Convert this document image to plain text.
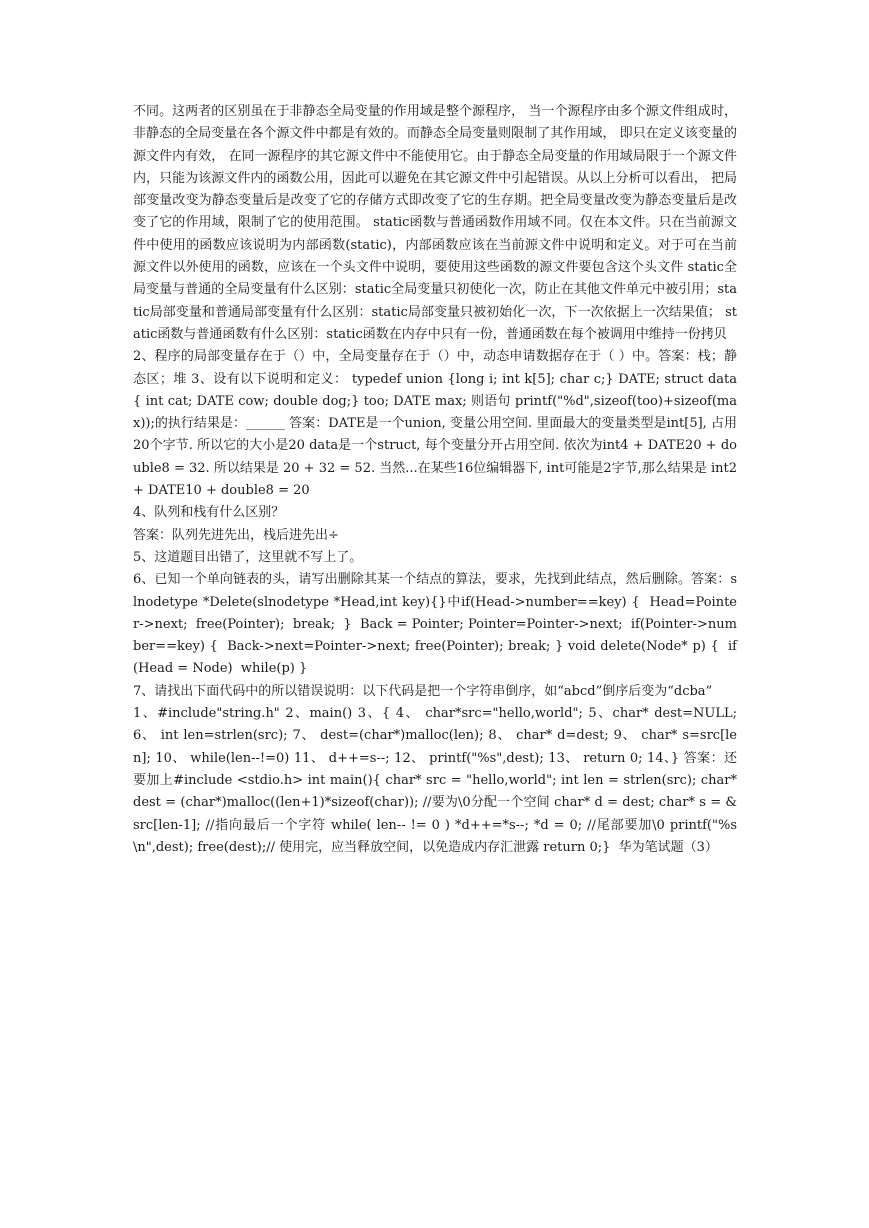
不同。这两者的区别虽在于非静态全局变量的作用域是整个源程序， 当一个源程序由多个源文件组成时，非静态的全局变量在各个源文件中都是有效的。而静态全局变量则限制了其作用域， 即只在定义该变量的源文件内有效， 在同一源程序的其它源文件中不能使用它。由于静态全局变量的作用域局限于一个源文件内，只能为该源文件内的函数公用，因此可以避免在其它源文件中引起错误。从以上分析可以看出， 把局部变量改变为静态变量后是改变了它的存储方式即改变了它的生存期。把全局变量改变为静态变量后是改变了它的作用域，限制了它的使用范围。 static函数与普通函数作用域不同。仅在本文件。只在当前源文件中使用的函数应该说明为内部函数(static)，内部函数应该在当前源文件中说明和定义。对于可在当前源文件以外使用的函数，应该在一个头文件中说明，要使用这些函数的源文件要包含这个头文件 static全局变量与普通的全局变量有什么区别：static全局变量只初使化一次，防止在其他文件单元中被引用；static局部变量和普通局部变量有什么区别：static局部变量只被初始化一次，下一次依据上一次结果值； static函数与普通函数有什么区别：static函数在内存中只有一份，普通函数在每个被调用中维持一份拷贝

2、程序的局部变量存在于（）中，全局变量存在于（）中，动态申请数据存在于（ ）中。答案：栈；静态区；堆 3、设有以下说明和定义： typedef union {long i; int k[5]; char c;} DATE; struct data { int cat; DATE cow; double dog;} too; DATE max; 则语句 printf("%d",sizeof(too)+sizeof(max));的执行结果是：______ 答案：DATE是一个union, 变量公用空间. 里面最大的变量类型是int[5], 占用20个字节. 所以它的大小是20 data是一个struct, 每个变量分开占用空间. 依次为int4 + DATE20 + double8 = 32. 所以结果是 20 + 32 = 52. 当然...在某些16位编辑器下, int可能是2字节,那么结果是 int2 + DATE10 + double8 = 20

4、队列和栈有什么区别？

答案：队列先进先出，栈后进先出÷

5、这道题目出错了，这里就不写上了。

6、已知一个单向链表的头，请写出删除其某一个结点的算法，要求，先找到此结点，然后删除。答案：slnodetype *Delete(slnodetype *Head,int key){}中if(Head->number==key) {  Head=Pointer->next;  free(Pointer);  break;  }  Back = Pointer; Pointer=Pointer->next;  if(Pointer->number==key) {  Back->next=Pointer->next; free(Pointer); break; } void delete(Node* p) {  if(Head = Node)  while(p) }

7、请找出下面代码中的所以错误说明：以下代码是把一个字符串倒序，如“abcd”倒序后变为“dcba”

1、#include"string.h" 2、main() 3、{ 4、 char*src="hello,world"; 5、char* dest=NULL; 6、 int len=strlen(src); 7、 dest=(char*)malloc(len); 8、 char* d=dest; 9、 char* s=src[len]; 10、 while(len--!=0) 11、 d++=s--; 12、 printf("%s",dest); 13、 return 0; 14、} 答案：还要加上#include <stdio.h> int main(){ char* src = "hello,world"; int len = strlen(src); char* dest = (char*)malloc((len+1)*sizeof(char)); //要为\0分配一个空间 char* d = dest; char* s = &src[len-1]; //指向最后一个字符 while( len-- != 0 ) *d++=*s--; *d = 0; //尾部要加\0 printf("%s\n",dest); free(dest);// 使用完，应当释放空间，以免造成内存汇泄露 return 0;}  华为笔试题（3）
